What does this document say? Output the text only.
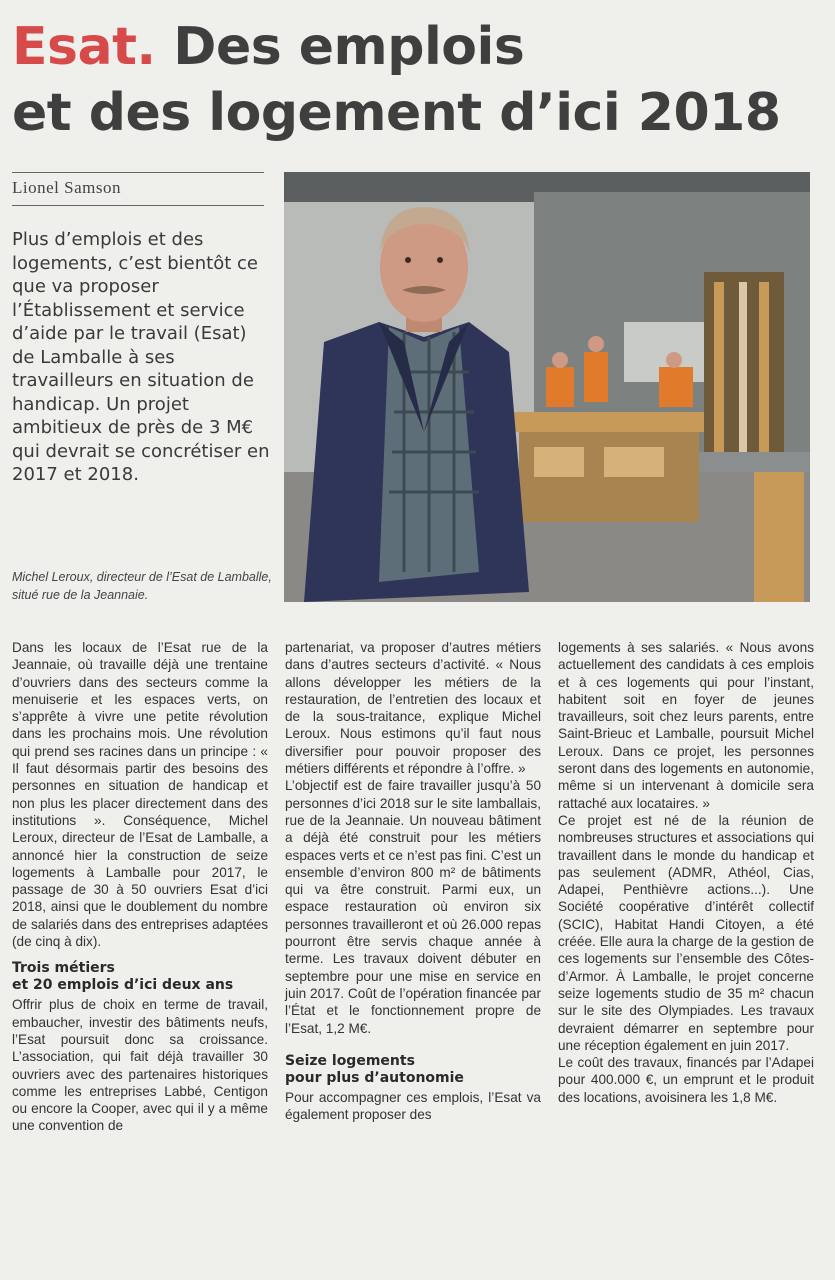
Esat. Des emplois
et des logement d’ici 2018
Lionel Samson
Plus d’emplois et des logements, c’est bientôt ce que va proposer l’Établissement et service d’aide par le travail (Esat) de Lamballe à ses travailleurs en situation de handicap. Un projet ambitieux de près de 3 M€ qui devrait se concrétiser en 2017 et 2018.
Michel Leroux, directeur de l’Esat de Lamballe, situé rue de la Jeannaie.

Dans les locaux de l’Esat rue de la Jeannaie, où travaille déjà une trentaine d’ouvriers dans des secteurs comme la menuiserie et les espaces verts, on s’apprête à vivre une petite révolution dans les prochains mois. Une révolution qui prend ses racines dans un principe : « Il faut désormais partir des besoins des personnes en situation de handicap et non plus les placer directement dans des institutions ». Conséquence, Michel Leroux, directeur de l’Esat de Lamballe, a annoncé hier la construction de seize logements à Lamballe pour 2017, le passage de 30 à 50 ouvriers Esat d’ici 2018, ainsi que le doublement du nombre de salariés dans des entreprises adaptées (de cinq à dix).

Trois métiers
et 20 emplois d’ici deux ans

Offrir plus de choix en terme de travail, embaucher, investir des bâtiments neufs, l’Esat poursuit donc sa croissance. L’association, qui fait déjà travailler 30 ouvriers avec des partenaires historiques comme les entreprises Labbé, Centigon ou encore la Cooper, avec qui il y a même une convention de

partenariat, va proposer d’autres métiers dans d’autres secteurs d’activité. « Nous allons développer les métiers de la restauration, de l’entretien des locaux et de la sous-traitance, explique Michel Leroux. Nous estimons qu’il faut nous diversifier pour pouvoir proposer des métiers différents et répondre à l’offre. »

L’objectif est de faire travailler jusqu’à 50 personnes d’ici 2018 sur le site lamballais, rue de la Jeannaie. Un nouveau bâtiment a déjà été construit pour les métiers espaces verts et ce n’est pas fini. C’est un ensemble d’environ 800 m² de bâtiments qui va être construit. Parmi eux, un espace restauration où environ six personnes travailleront et où 26.000 repas pourront être servis chaque année à terme. Les travaux doivent débuter en septembre pour une mise en service en juin 2017. Coût de l’opération financée par l’État et le fonctionnement propre de l’Esat, 1,2 M€.

Seize logements
pour plus d’autonomie

Pour accompagner ces emplois, l’Esat va également proposer des

logements à ses salariés. « Nous avons actuellement des candidats à ces emplois et à ces logements qui pour l’instant, habitent soit en foyer de jeunes travailleurs, soit chez leurs parents, entre Saint-Brieuc et Lamballe, poursuit Michel Leroux. Dans ce projet, les personnes seront dans des logements en autonomie, même si un intervenant à domicile sera rattaché aux locataires. »

Ce projet est né de la réunion de nombreuses structures et associations qui travaillent dans le monde du handicap et pas seulement (ADMR, Athéol, Cias, Adapei, Penthièvre actions...). Une Société coopérative d’intérêt collectif (SCIC), Habitat Handi Citoyen, a été créée. Elle aura la charge de la gestion de ces logements sur l’ensemble des Côtes-d’Armor. À Lamballe, le projet concerne seize logements studio de 35 m² chacun sur le site des Olympiades. Les travaux devraient démarrer en septembre pour une réception également en juin 2017.

Le coût des travaux, financés par l’Adapei pour 400.000 €, un emprunt et le produit des locations, avoisinera les 1,8 M€.
